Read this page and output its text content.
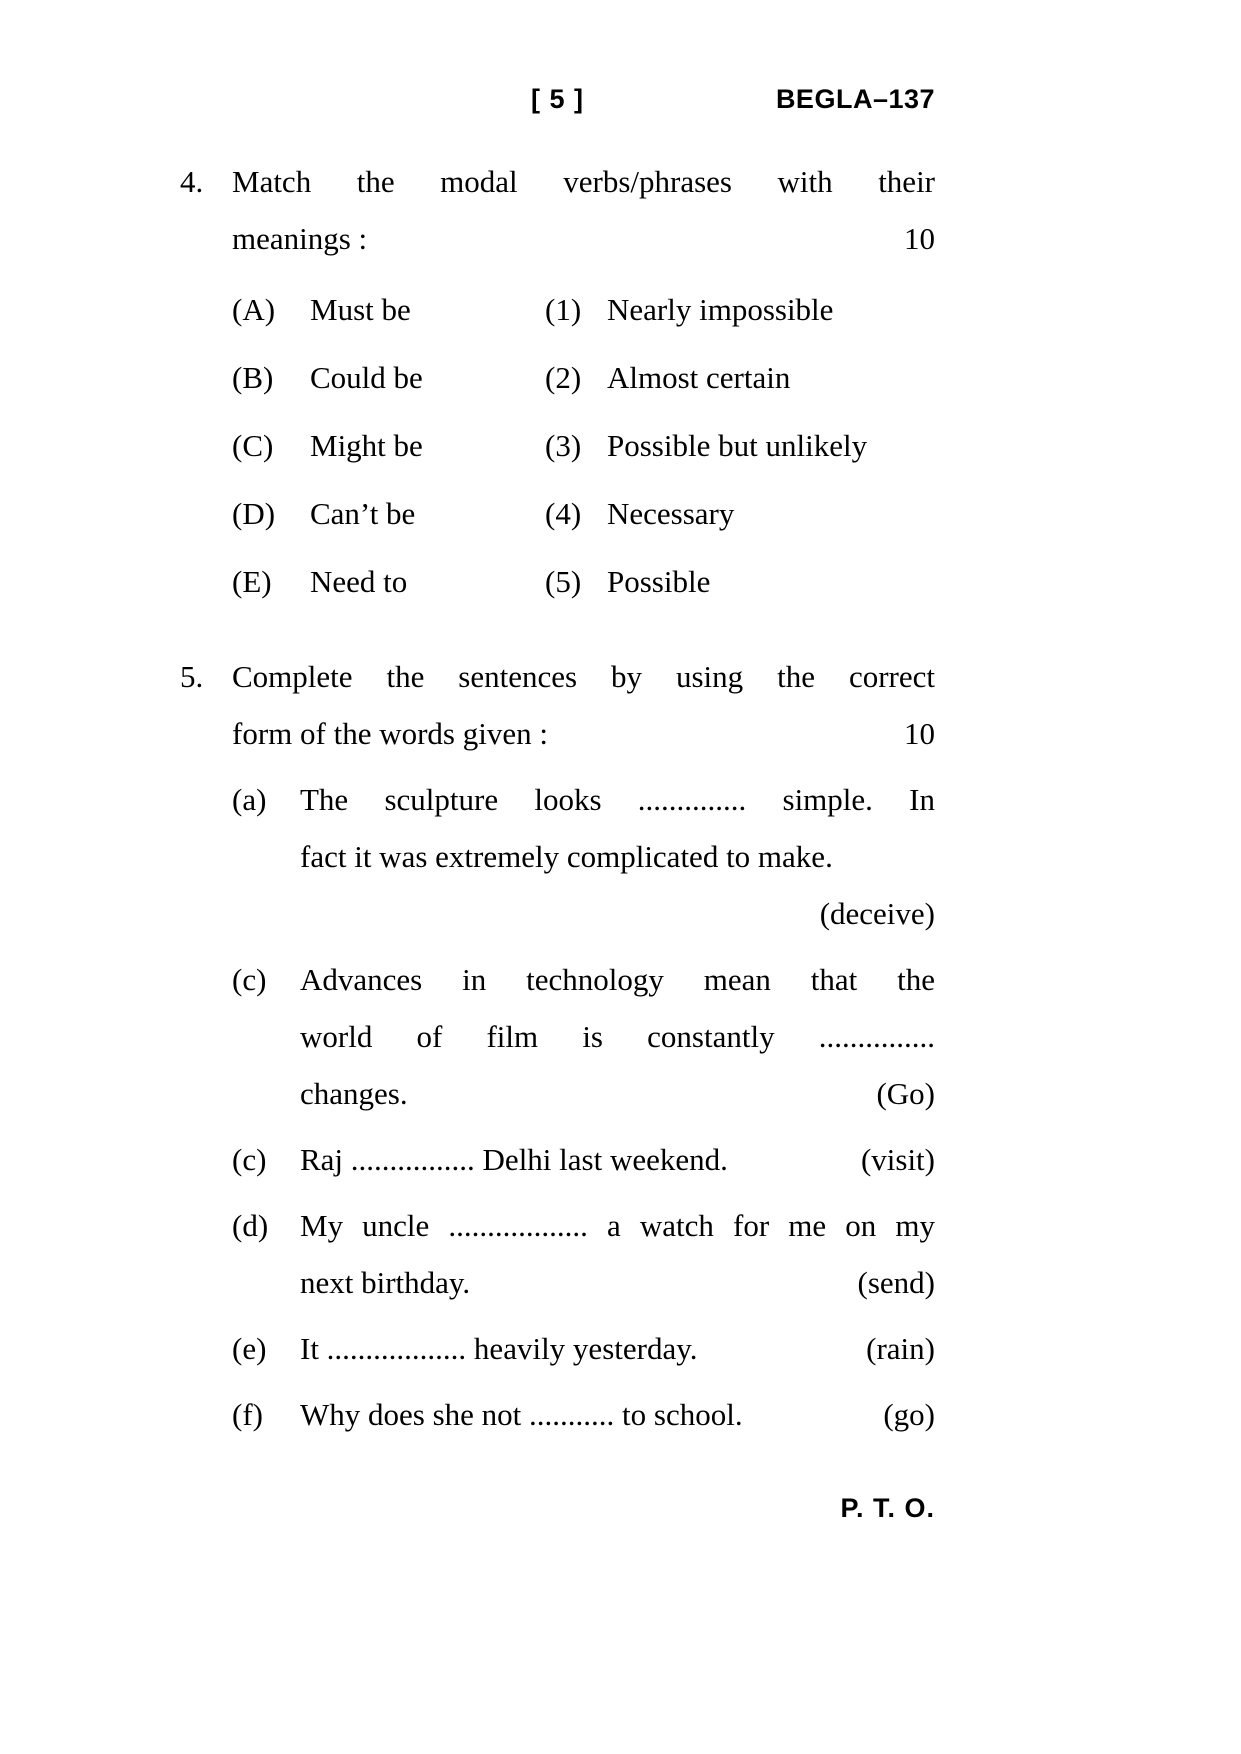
[ 5 ]	BEGLA–137
4. Match the modal verbs/phrases with their
meanings :	10
(A)	Must be	(1) Nearly impossible
(B)	Could be	(2) Almost certain
(C)	Might be	(3) Possible but unlikely
(D)	Can’t be	(4) Necessary
(E)	Need to	(5) Possible
5. Complete the sentences by using the correct
form of the words given :	10
(a)	The sculpture looks .............. simple. In
fact it was extremely complicated to make.
(deceive)
(c)	Advances in technology mean that the
world of film is constantly ...............
changes.	(Go)
(c)	Raj ................ Delhi last weekend.	(visit)
(d)	My uncle .................. a watch for me on my
next birthday.	(send)
(e)	It .................. heavily yesterday.	(rain)
(f)	Why does she not ........... to school.	(go)
P. T. O.
